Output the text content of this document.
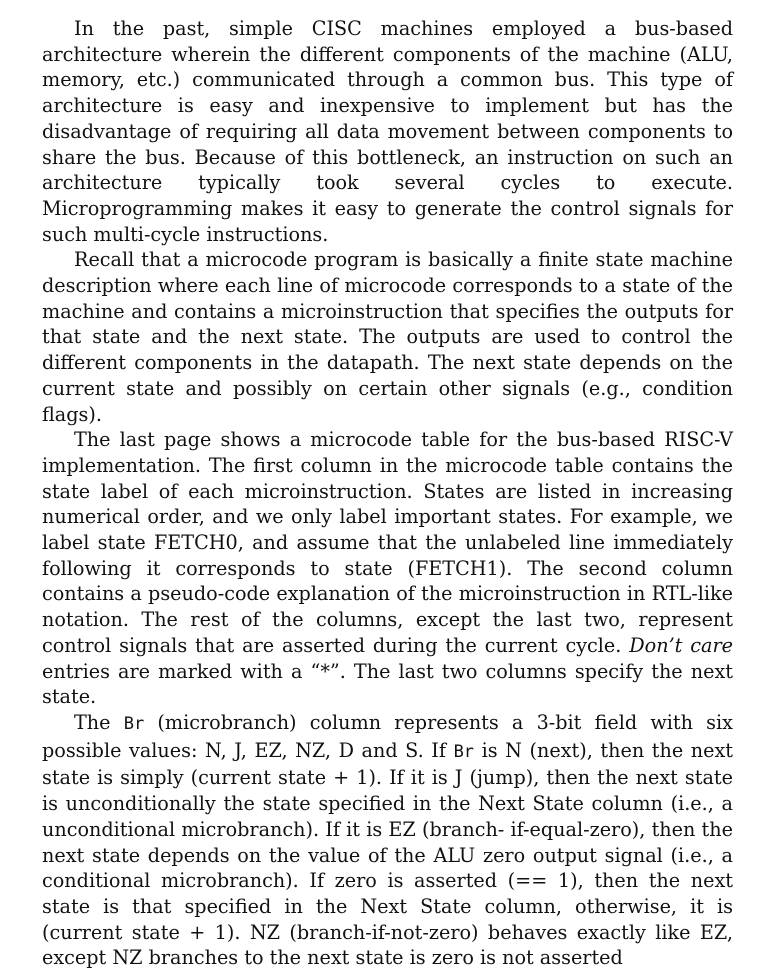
In the past, simple CISC machines employed a bus-based architecture wherein the different components of the machine (ALU, memory, etc.) communicated through a common bus. This type of architecture is easy and inexpensive to implement but has the disadvantage of requiring all data movement between components to share the bus. Because of this bottleneck, an instruction on such an architecture typically took several cycles to execute. Microprogramming makes it easy to generate the control signals for such multi-cycle instructions.

Recall that a microcode program is basically a finite state machine description where each line of microcode corresponds to a state of the machine and contains a microinstruction that specifies the outputs for that state and the next state. The outputs are used to control the different components in the datapath. The next state depends on the current state and possibly on certain other signals (e.g., condition flags).

The last page shows a microcode table for the bus-based RISC-V implementation. The first column in the microcode table contains the state label of each microinstruction. States are listed in increasing numerical order, and we only label important states. For example, we label state FETCH0, and assume that the unlabeled line immediately following it corresponds to state (FETCH1). The second column contains a pseudo-code explanation of the microinstruction in RTL-like notation. The rest of the columns, except the last two, represent control signals that are asserted during the current cycle. Don’t care entries are marked with a “*”. The last two columns specify the next state.

The Br (microbranch) column represents a 3-bit field with six possible values: N, J, EZ, NZ, D and S. If Br is N (next), then the next state is simply (current state + 1). If it is J (jump), then the next state is unconditionally the state specified in the Next State column (i.e., a unconditional microbranch). If it is EZ (branch- if-equal-zero), then the next state depends on the value of the ALU zero output signal (i.e., a conditional microbranch). If zero is asserted (== 1), then the next state is that specified in the Next State column, otherwise, it is (current state + 1). NZ (branch-if-not-zero) behaves exactly like EZ, except NZ branches to the next state is zero is not asserted
